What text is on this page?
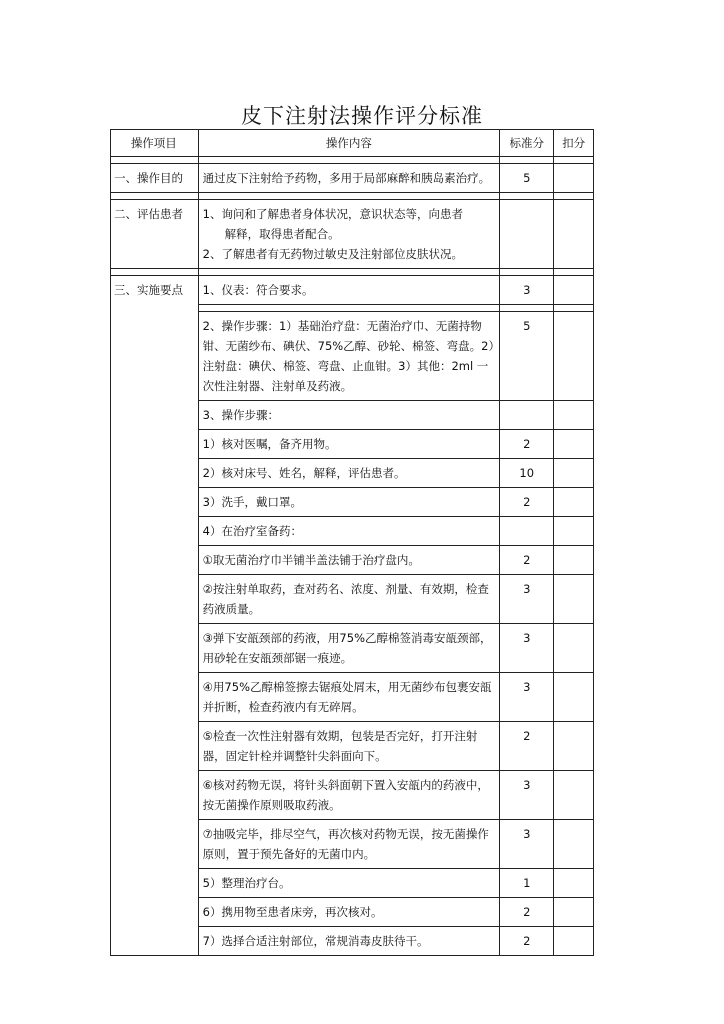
皮下注射法操作评分标准
操作项目	操作内容	标准分	扣分

一、操作目的	通过皮下注射给予药物，多用于局部麻醉和胰岛素治疗。	5	

二、评估患者	1、询问和了解患者身体状况，意识状态等，向患者
解释，取得患者配合。
2、了解患者有无药物过敏史及注射部位皮肤状况。		

三、实施要点	1、仪表：符合要求。	3	

	2、操作步骤：1）基础治疗盘：无菌治疗巾、无菌持物钳、无菌纱布、碘伏、75%乙醇、砂轮、棉签、弯盘。2）注射盘：碘伏、棉签、弯盘、止血钳。3）其他：2ml 一次性注射器、注射单及药液。	5	
	3、操作步骤：		
	1）核对医嘱，备齐用物。	2	
	2）核对床号、姓名，解释，评估患者。	10	
	3）洗手，戴口罩。	2	
	4）在治疗室备药：		
	①取无菌治疗巾半铺半盖法铺于治疗盘内。	2	
	②按注射单取药，查对药名、浓度、剂量、有效期，检查药液质量。	3	
	③弹下安瓿颈部的药液，用75%乙醇棉签消毒安瓿颈部，用砂轮在安瓿颈部锯一痕迹。	3	
	④用75%乙醇棉签擦去锯痕处屑末，用无菌纱布包裹安瓿并折断，检查药液内有无碎屑。	3	
	⑤检查一次性注射器有效期，包装是否完好，打开注射器，固定针栓并调整针尖斜面向下。	2	
	⑥核对药物无误，将针头斜面朝下置入安瓿内的药液中，按无菌操作原则吸取药液。	3	
	⑦抽吸完毕，排尽空气，再次核对药物无误，按无菌操作原则，置于预先备好的无菌巾内。	3	
	5）整理治疗台。	1	
	6）携用物至患者床旁，再次核对。	2	
	7）选择合适注射部位，常规消毒皮肤待干。	2	
